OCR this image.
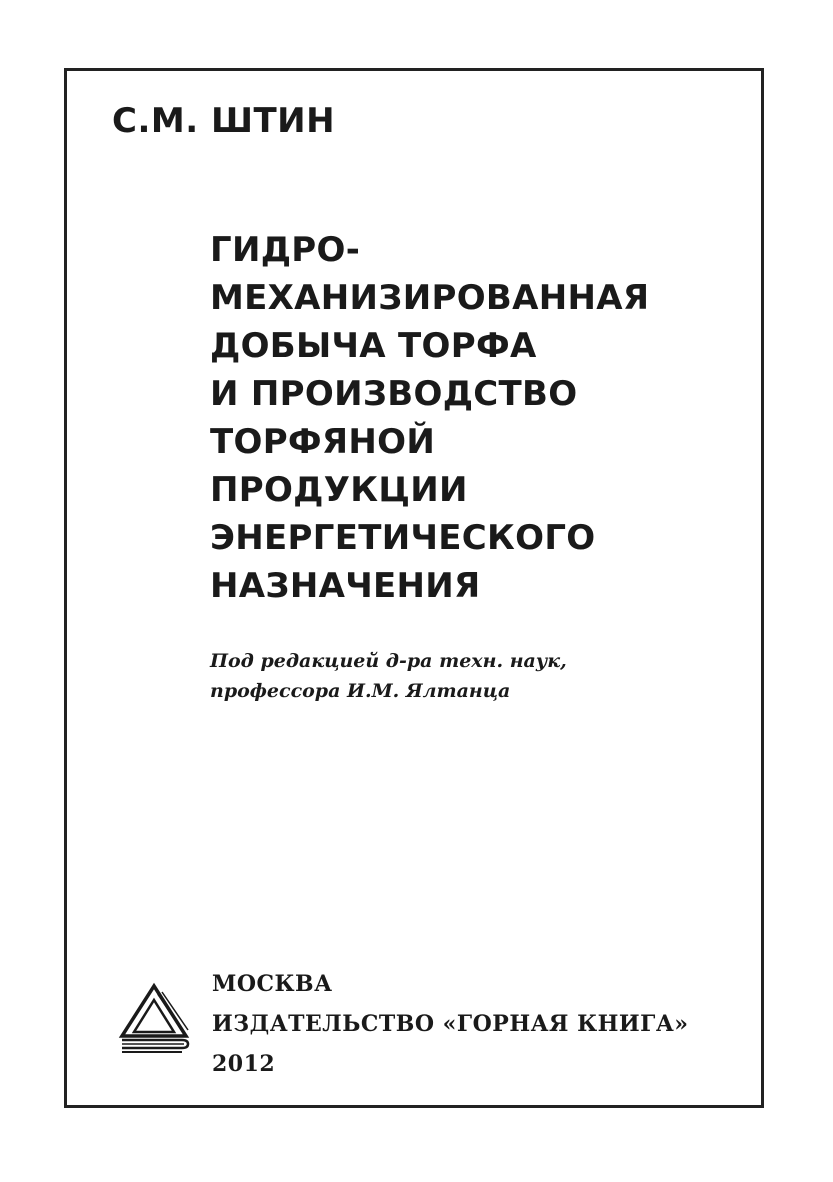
С.М. ШТИН
ГИДРО-
МЕХАНИЗИРОВАННАЯ
ДОБЫЧА ТОРФА
И ПРОИЗВОДСТВО
ТОРФЯНОЙ
ПРОДУКЦИИ
ЭНЕРГЕТИЧЕСКОГО
НАЗНАЧЕНИЯ
Под редакцией д-ра техн. наук,
профессора И.М. Ялтанца
МОСКВА
ИЗДАТЕЛЬСТВО «ГОРНАЯ КНИГА»
2012
